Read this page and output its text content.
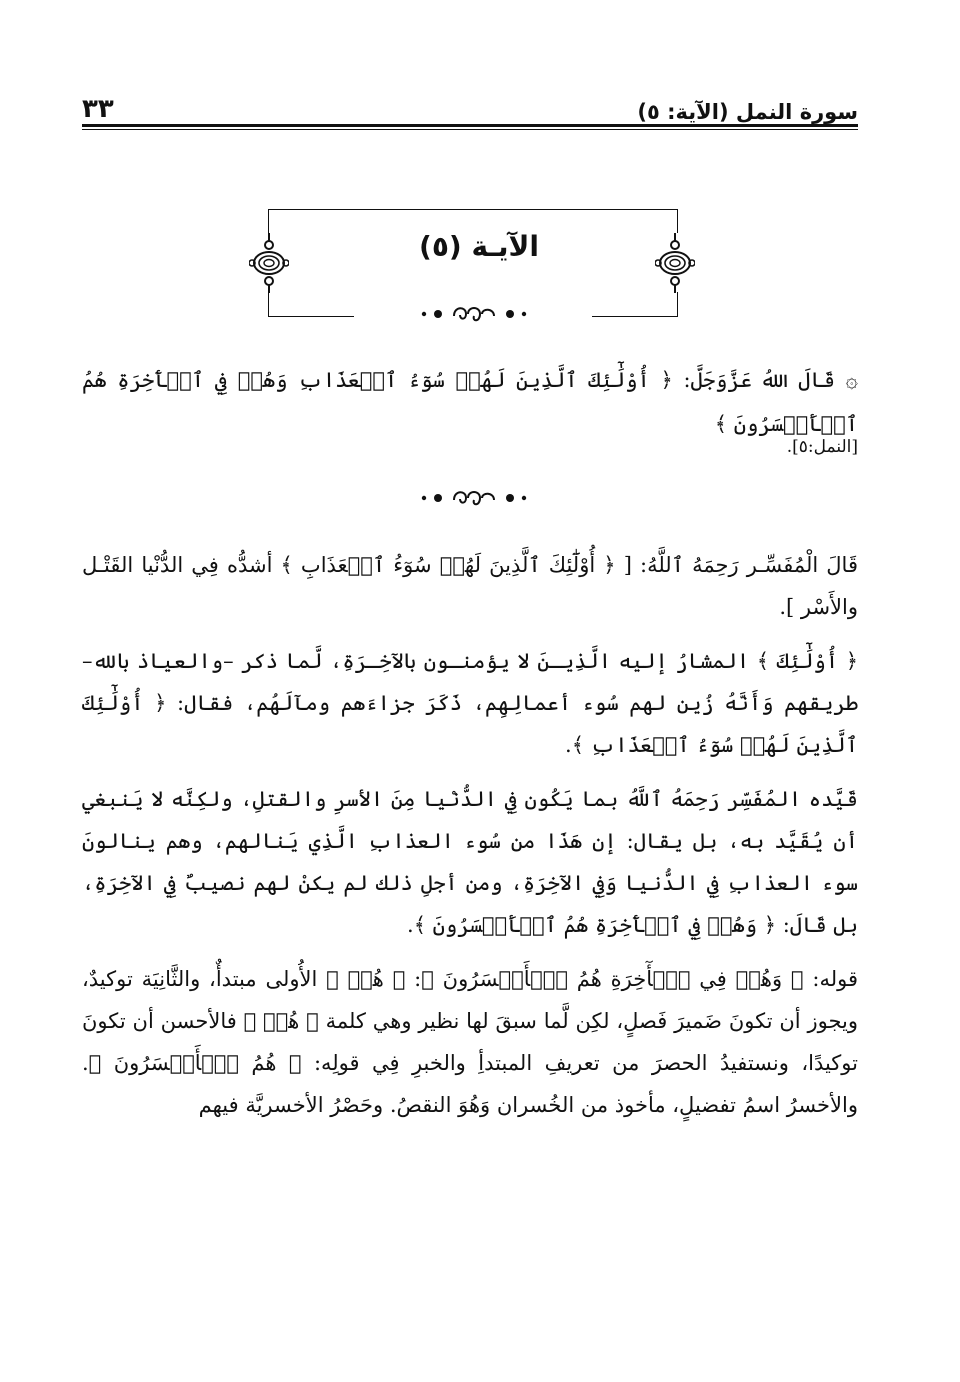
سورة النمل (الآية: ٥)
٣٣
الآيـة (٥)
۞ قَالَ اللهُ عَزَّوَجَلَّ: ﴿ أُوْلَٰٓئِكَ ٱلَّذِينَ لَهُمۡ سُوٓءُ ٱلۡعَذَابِ وَهُمۡ فِي ٱلۡأٓخِرَةِ هُمُ ٱلۡأَخۡسَرُونَ ﴾
[النمل:٥].

قَالَ الْمُفَسِّـر رَحِمَهُ ٱللَّهُ: [ ﴿ أُوْلَٰٓئِكَ ٱلَّذِينَ لَهُمۡ سُوٓءُ ٱلۡعَذَابِ ﴾ أشدُّه فِي الدُّنْيا القَتْـل والأَسْر ].

﴿ أُوْلَٰٓئِكَ ﴾ المشارُ إليه الَّذِيـنَ لا يؤمنـون بالآخِـرَةِ، لَّما ذكر –والعياذ بالله– طريقهم وَأَنَّهُ زُين لهم سُوء أعمالِهِم، ذَكَرَ جزاءَهم ومآلَهُم، فقال: ﴿ أُوْلَٰٓئِكَ ٱلَّذِينَ لَهُمۡ سُوٓءُ ٱلۡعَذَابِ ﴾.

قَيَّده المُفَسِّر رَحِمَهُ ٱللَّهُ بما يَكُون فِي الدُّنْيا مِنَ الأسرِ والقتلِ، ولكِنَّه لا يَنبغي أن يُقَيَّد به، بل يقال: إن هَذَا من سُوء العذابِ الَّذِي يَنالهم، وهم ينالونَ سوء العذابِ فِي الدُّنيا وَفِي الآخِرَةِ، ومن أجلِ ذلك لم يكنْ لهم نصيبٌ فِي الآخِرَةِ، بل قَالَ: ﴿ وَهُمۡ فِي ٱلۡأٓخِرَةِ هُمُ ٱلۡأَخۡسَرُونَ ﴾.

قوله: ﴿ وَهُمۡ فِي ٱلۡأٓخِرَةِ هُمُ ٱلۡأَخۡسَرُونَ ﴾: ﴿ هُمۡ ﴾ الأُولى مبتدأٌ، والثَّانِيَة توكيدٌ، ويجوز أن تكونَ ضَميرَ فَصلٍ، لكِن لَّما سبقَ لها نظير وهي كلمة ﴿ هُمۡ ﴾ فالأحسن أن تكونَ توكيدًا، ونستفيدُ الحصرَ من تعريفِ المبتدأِ والخبرِ فِي قولِه: ﴿ هُمُ ٱلۡأَخۡسَرُونَ ﴾. والأخسرُ اسمُ تفضيلٍ، مأخوذ من الخُسران وَهُوَ النقصُ. وحَصْرُ الأخسريَّة فيهم
